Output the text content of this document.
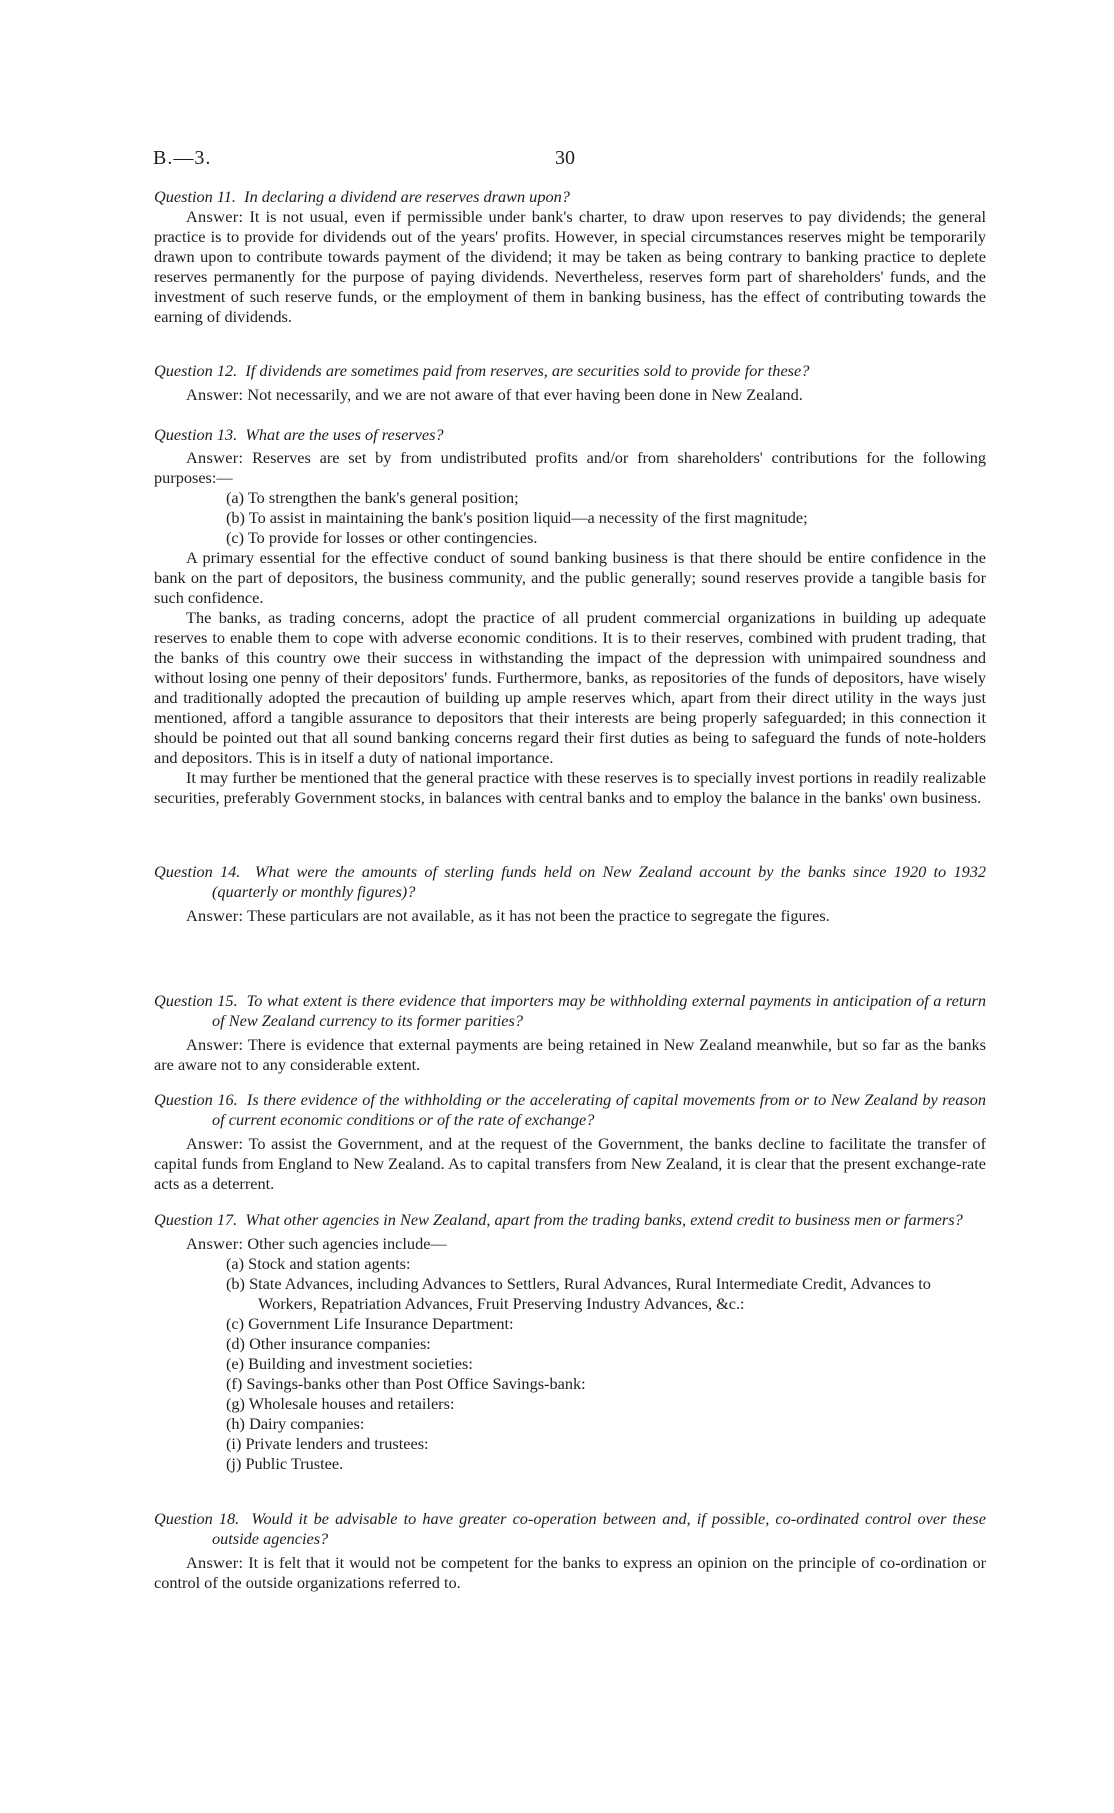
B.—3.	30

Question 11. In declaring a dividend are reserves drawn upon?

Answer: It is not usual, even if permissible under bank's charter, to draw upon reserves to pay dividends; the general practice is to provide for dividends out of the years' profits. However, in special circumstances reserves might be temporarily drawn upon to contribute towards payment of the dividend; it may be taken as being contrary to banking practice to deplete reserves permanently for the purpose of paying dividends. Nevertheless, reserves form part of shareholders' funds, and the investment of such reserve funds, or the employment of them in banking business, has the effect of contributing towards the earning of dividends.

Question 12. If dividends are sometimes paid from reserves, are securities sold to provide for these?

Answer: Not necessarily, and we are not aware of that ever having been done in New Zealand.

Question 13. What are the uses of reserves?

Answer: Reserves are set by from undistributed profits and/or from shareholders' contributions for the following purposes:—

(a) To strengthen the bank's general position;
(b) To assist in maintaining the bank's position liquid—a necessity of the first magnitude;
(c) To provide for losses or other contingencies.

A primary essential for the effective conduct of sound banking business is that there should be entire confidence in the bank on the part of depositors, the business community, and the public generally; sound reserves provide a tangible basis for such confidence.

The banks, as trading concerns, adopt the practice of all prudent commercial organizations in building up adequate reserves to enable them to cope with adverse economic conditions. It is to their reserves, combined with prudent trading, that the banks of this country owe their success in withstanding the impact of the depression with unimpaired soundness and without losing one penny of their depositors' funds. Furthermore, banks, as repositories of the funds of depositors, have wisely and traditionally adopted the precaution of building up ample reserves which, apart from their direct utility in the ways just mentioned, afford a tangible assurance to depositors that their interests are being properly safeguarded; in this connection it should be pointed out that all sound banking concerns regard their first duties as being to safeguard the funds of note-holders and depositors. This is in itself a duty of national importance.

It may further be mentioned that the general practice with these reserves is to specially invest portions in readily realizable securities, preferably Government stocks, in balances with central banks and to employ the balance in the banks' own business.

Question 14. What were the amounts of sterling funds held on New Zealand account by the banks since 1920 to 1932 (quarterly or monthly figures)?

Answer: These particulars are not available, as it has not been the practice to segregate the figures.

Question 15. To what extent is there evidence that importers may be withholding external payments in anticipation of a return of New Zealand currency to its former parities?

Answer: There is evidence that external payments are being retained in New Zealand meanwhile, but so far as the banks are aware not to any considerable extent.

Question 16. Is there evidence of the withholding or the accelerating of capital movements from or to New Zealand by reason of current economic conditions or of the rate of exchange?

Answer: To assist the Government, and at the request of the Government, the banks decline to facilitate the transfer of capital funds from England to New Zealand. As to capital transfers from New Zealand, it is clear that the present exchange-rate acts as a deterrent.

Question 17. What other agencies in New Zealand, apart from the trading banks, extend credit to business men or farmers?

Answer: Other such agencies include—

(a) Stock and station agents:
(b) State Advances, including Advances to Settlers, Rural Advances, Rural Intermediate Credit, Advances to Workers, Repatriation Advances, Fruit Preserving Industry Advances, &c.:
(c) Government Life Insurance Department:
(d) Other insurance companies:
(e) Building and investment societies:
(f) Savings-banks other than Post Office Savings-bank:
(g) Wholesale houses and retailers:
(h) Dairy companies:
(i) Private lenders and trustees:
(j) Public Trustee.

Question 18. Would it be advisable to have greater co-operation between and, if possible, co-ordinated control over these outside agencies?

Answer: It is felt that it would not be competent for the banks to express an opinion on the principle of co-ordination or control of the outside organizations referred to.
